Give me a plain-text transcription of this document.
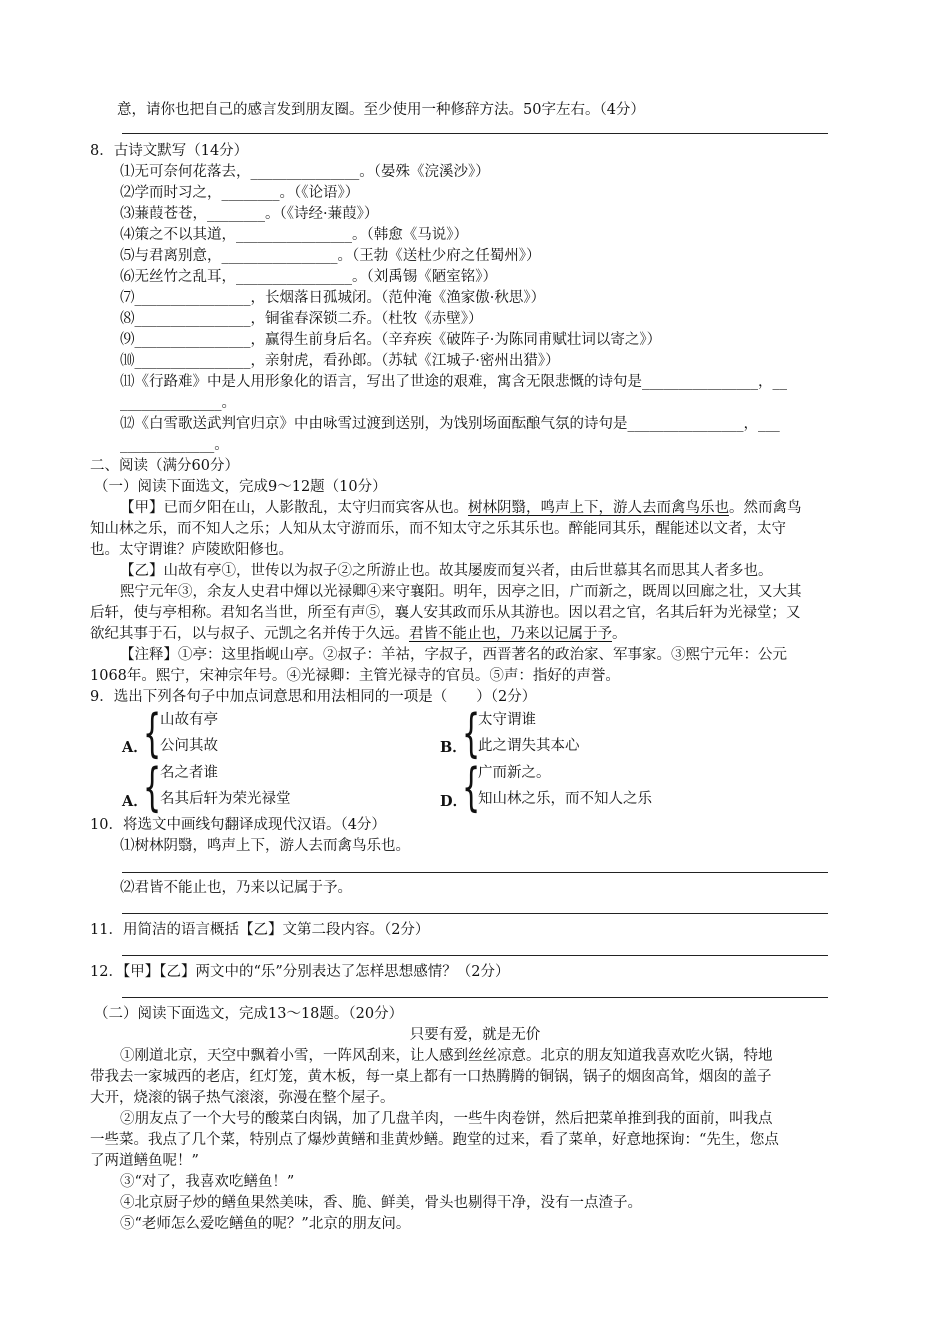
意，请你也把自己的感言发到朋友圈。至少使用一种修辞方法。50字左右。（4分）
8．古诗文默写（14分）
⑴无可奈何花落去，_______________。（晏殊《浣溪沙》）
⑵学而时习之，________。（《论语》）
⑶蒹葭苍苍，________。（《诗经·蒹葭》）
⑷策之不以其道，________________。（韩愈《马说》）
⑸与君离别意，________________。（王勃《送杜少府之任蜀州》）
⑹无丝竹之乱耳，________________。（刘禹锡《陋室铭》）
⑺________________，长烟落日孤城闭。（范仲淹《渔家傲·秋思》）
⑻________________，铜雀春深锁二乔。（杜牧《赤壁》）
⑼________________，赢得生前身后名。（辛弃疾《破阵子·为陈同甫赋壮词以寄之》）
⑽________________，亲射虎，看孙郎。（苏轼《江城子·密州出猎》）
⑾《行路难》中是人用形象化的语言，写出了世途的艰难，寓含无限悲慨的诗句是________________，__
______________。
⑿《白雪歌送武判官归京》中由咏雪过渡到送别，为饯别场面酝酿气氛的诗句是________________，___
_____________。
二、阅读（满分60分）
（一）阅读下面选文，完成9～12题（10分）
【甲】已而夕阳在山，人影散乱，太守归而宾客从也。树林阴翳，鸣声上下，游人去而禽鸟乐也。然而禽鸟
知山林之乐，而不知人之乐；人知从太守游而乐，而不知太守之乐其乐也。醉能同其乐，醒能述以文者，太守
也。太守谓谁？庐陵欧阳修也。
【乙】山故有亭①，世传以为叔子②之所游止也。故其屡废而复兴者，由后世慕其名而思其人者多也。
熙宁元年③，余友人史君中煇以光禄卿④来守襄阳。明年，因亭之旧，广而新之，既周以回廊之壮，又大其
后轩，使与亭相称。君知名当世，所至有声⑤，襄人安其政而乐从其游也。因以君之官，名其后轩为光禄堂；又
欲纪其事于石，以与叔子、元凯之名并传于久远。君皆不能止也，乃来以记属于予。
【注释】①亭：这里指岘山亭。②叔子：羊祜，字叔子，西晋著名的政治家、军事家。③熙宁元年：公元
1068年。熙宁，宋神宗年号。④光禄卿：主管光禄寺的官员。⑤声：指好的声誉。
9．选出下列各句子中加点词意思和用法相同的一项是（　　）（2分）
A．
{
山故有亭
公问其故	B．
{
太守谓谁
此之谓失其本心
A．
{
名之者谁
名其后轩为荣光禄堂	D．
{
广而新之。
知山林之乐，而不知人之乐
10．将选文中画线句翻译成现代汉语。（4分）
⑴树林阴翳，鸣声上下，游人去而禽鸟乐也。
⑵君皆不能止也，乃来以记属于予。
11．用简洁的语言概括【乙】文第二段内容。（2分）
12．【甲】【乙】两文中的“乐”分别表达了怎样思想感情？（2分）
（二）阅读下面选文，完成13～18题。（20分）
只要有爱，就是无价
①刚道北京，天空中飘着小雪，一阵风刮来，让人感到丝丝凉意。北京的朋友知道我喜欢吃火锅，特地
带我去一家城西的老店，红灯笼，黄木板，每一桌上都有一口热腾腾的铜锅，锅子的烟囱高耸，烟囱的盖子
大开，烧滚的锅子热气滚滚，弥漫在整个屋子。
②朋友点了一个大号的酸菜白肉锅，加了几盘羊肉，一些牛肉卷饼，然后把菜单推到我的面前，叫我点
一些菜。我点了几个菜，特别点了爆炒黄鳝和韭黄炒鳝。跑堂的过来，看了菜单，好意地探询：“先生，您点
了两道鳝鱼呢！”
③“对了，我喜欢吃鳝鱼！”
④北京厨子炒的鳝鱼果然美味，香、脆、鲜美，骨头也剔得干净，没有一点渣子。
⑤“老师怎么爱吃鳝鱼的呢？”北京的朋友问。
